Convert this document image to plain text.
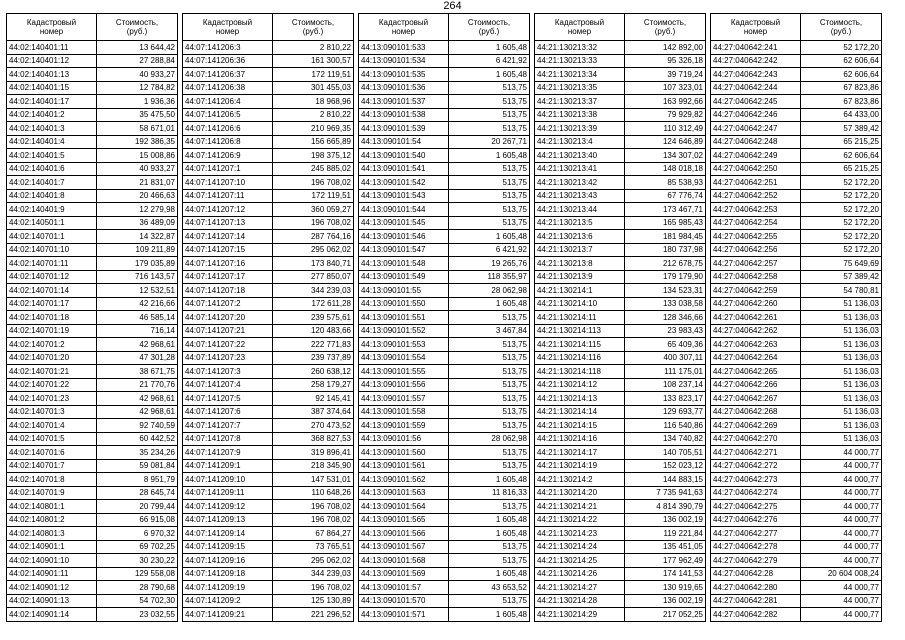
264
Кадастровый
номер	Стоимость,
(руб.)
44:02:140401:11	13 644,42
44:02:140401:12	27 288,84
44:02:140401:13	40 933,27
44:02:140401:15	12 784,82
44:02:140401:17	1 936,36
44:02:140401:2	35 475,50
44:02:140401:3	58 671,01
44:02:140401:4	192 386,35
44:02:140401:5	15 008,86
44:02:140401:6	40 933,27
44:02:140401:7	21 831,07
44:02:140401:8	20 466,63
44:02:140401:9	12 279,98
44:02:140501:1	36 489,09
44:02:140701:1	14 322,87
44:02:140701:10	109 211,89
44:02:140701:11	179 035,89
44:02:140701:12	716 143,57
44:02:140701:14	12 532,51
44:02:140701:17	42 216,66
44:02:140701:18	46 585,14
44:02:140701:19	716,14
44:02:140701:2	42 968,61
44:02:140701:20	47 301,28
44:02:140701:21	38 671,75
44:02:140701:22	21 770,76
44:02:140701:23	42 968,61
44:02:140701:3	42 968,61
44:02:140701:4	92 740,59
44:02:140701:5	60 442,52
44:02:140701:6	35 234,26
44:02:140701:7	59 081,84
44:02:140701:8	8 951,79
44:02:140701:9	28 645,74
44:02:140801:1	20 799,44
44:02:140801:2	66 915,08
44:02:140801:3	6 970,32
44:02:140901:1	69 702,25
44:02:140901:10	30 230,22
44:02:140901:11	129 558,08
44:02:140901:12	28 790,68
44:02:140901:13	54 702,30
44:02:140901:14	23 032,55
Кадастровый
номер	Стоимость,
(руб.)
44:07:141206:3	2 810,22
44:07:141206:36	161 300,57
44:07:141206:37	172 119,51
44:07:141206:38	301 455,03
44:07:141206:4	18 968,96
44:07:141206:5	2 810,22
44:07:141206:6	210 969,35
44:07:141206:8	156 665,89
44:07:141206:9	198 375,12
44:07:141207:1	245 885,02
44:07:141207:10	196 708,02
44:07:141207:11	172 119,51
44:07:141207:12	360 059,27
44:07:141207:13	196 708,02
44:07:141207:14	287 764,16
44:07:141207:15	295 062,02
44:07:141207:16	173 840,71
44:07:141207:17	277 850,07
44:07:141207:18	344 239,03
44:07:141207:2	172 611,28
44:07:141207:20	239 575,61
44:07:141207:21	120 483,66
44:07:141207:22	222 771,83
44:07:141207:23	239 737,89
44:07:141207:3	260 638,12
44:07:141207:4	258 179,27
44:07:141207:5	92 145,41
44:07:141207:6	387 374,64
44:07:141207:7	270 473,52
44:07:141207:8	368 827,53
44:07:141207:9	319 896,41
44:07:141209:1	218 345,90
44:07:141209:10	147 531,01
44:07:141209:11	110 648,26
44:07:141209:12	196 708,02
44:07:141209:13	196 708,02
44:07:141209:14	67 864,27
44:07:141209:15	73 765,51
44:07:141209:16	295 062,02
44:07:141209:18	344 239,03
44:07:141209:19	196 708,02
44:07:141209:2	125 130,89
44:07:141209:21	221 296,52
Кадастровый
номер	Стоимость,
(руб.)
44:13:090101:533	1 605,48
44:13:090101:534	6 421,92
44:13:090101:535	1 605,48
44:13:090101:536	513,75
44:13:090101:537	513,75
44:13:090101:538	513,75
44:13:090101:539	513,75
44:13:090101:54	20 267,71
44:13:090101:540	1 605,48
44:13:090101:541	513,75
44:13:090101:542	513,75
44:13:090101:543	513,75
44:13:090101:544	513,75
44:13:090101:545	513,75
44:13:090101:546	1 605,48
44:13:090101:547	6 421,92
44:13:090101:548	19 265,76
44:13:090101:549	118 355,97
44:13:090101:55	28 062,98
44:13:090101:550	1 605,48
44:13:090101:551	513,75
44:13:090101:552	3 467,84
44:13:090101:553	513,75
44:13:090101:554	513,75
44:13:090101:555	513,75
44:13:090101:556	513,75
44:13:090101:557	513,75
44:13:090101:558	513,75
44:13:090101:559	513,75
44:13:090101:56	28 062,98
44:13:090101:560	513,75
44:13:090101:561	513,75
44:13:090101:562	1 605,48
44:13:090101:563	11 816,33
44:13:090101:564	513,75
44:13:090101:565	1 605,48
44:13:090101:566	1 605,48
44:13:090101:567	513,75
44:13:090101:568	513,75
44:13:090101:569	1 605,48
44:13:090101:57	43 653,52
44:13:090101:570	513,75
44:13:090101:571	1 605,48
Кадастровый
номер	Стоимость,
(руб.)
44:21:130213:32	142 892,00
44:21:130213:33	95 326,18
44:21:130213:34	39 719,24
44:21:130213:35	107 323,01
44:21:130213:37	163 992,66
44:21:130213:38	79 929,82
44:21:130213:39	110 312,49
44:21:130213:4	124 646,89
44:21:130213:40	134 307,02
44:21:130213:41	148 018,18
44:21:130213:42	85 538,93
44:21:130213:43	67 776,74
44:21:130213:44	173 467,71
44:21:130213:5	165 985,43
44:21:130213:6	181 984,45
44:21:130213:7	180 737,98
44:21:130213:8	212 678,75
44:21:130213:9	179 179,90
44:21:130214:1	134 523,31
44:21:130214:10	133 038,58
44:21:130214:11	128 346,66
44:21:130214:113	23 983,43
44:21:130214:115	65 409,36
44:21:130214:116	400 307,11
44:21:130214:118	111 175,01
44:21:130214:12	108 237,14
44:21:130214:13	133 823,17
44:21:130214:14	129 693,77
44:21:130214:15	116 540,86
44:21:130214:16	134 740,82
44:21:130214:17	140 705,51
44:21:130214:19	152 023,12
44:21:130214:2	144 883,15
44:21:130214:20	7 735 941,63
44:21:130214:21	4 814 390,79
44:21:130214:22	136 002,19
44:21:130214:23	119 221,84
44:21:130214:24	135 451,05
44:21:130214:25	177 962,49
44:21:130214:26	174 141,53
44:21:130214:27	130 919,65
44:21:130214:28	136 002,19
44:21:130214:29	217 052,25
Кадастровый
номер	Стоимость,
(руб.)
44:27:040642:241	52 172,20
44:27:040642:242	62 606,64
44:27:040642:243	62 606,64
44:27:040642:244	67 823,86
44:27:040642:245	67 823,86
44:27:040642:246	64 433,00
44:27:040642:247	57 389,42
44:27:040642:248	65 215,25
44:27:040642:249	62 606,64
44:27:040642:250	65 215,25
44:27:040642:251	52 172,20
44:27:040642:252	52 172,20
44:27:040642:253	52 172,20
44:27:040642:254	52 172,20
44:27:040642:255	52 172,20
44:27:040642:256	52 172,20
44:27:040642:257	75 649,69
44:27:040642:258	57 389,42
44:27:040642:259	54 780,81
44:27:040642:260	51 136,03
44:27:040642:261	51 136,03
44:27:040642:262	51 136,03
44:27:040642:263	51 136,03
44:27:040642:264	51 136,03
44:27:040642:265	51 136,03
44:27:040642:266	51 136,03
44:27:040642:267	51 136,03
44:27:040642:268	51 136,03
44:27:040642:269	51 136,03
44:27:040642:270	51 136,03
44:27:040642:271	44 000,77
44:27:040642:272	44 000,77
44:27:040642:273	44 000,77
44:27:040642:274	44 000,77
44:27:040642:275	44 000,77
44:27:040642:276	44 000,77
44:27:040642:277	44 000,77
44:27:040642:278	44 000,77
44:27:040642:279	44 000,77
44:27:040642:28	20 604 008,24
44:27:040642:280	44 000,77
44:27:040642:281	44 000,77
44:27:040642:282	44 000,77
